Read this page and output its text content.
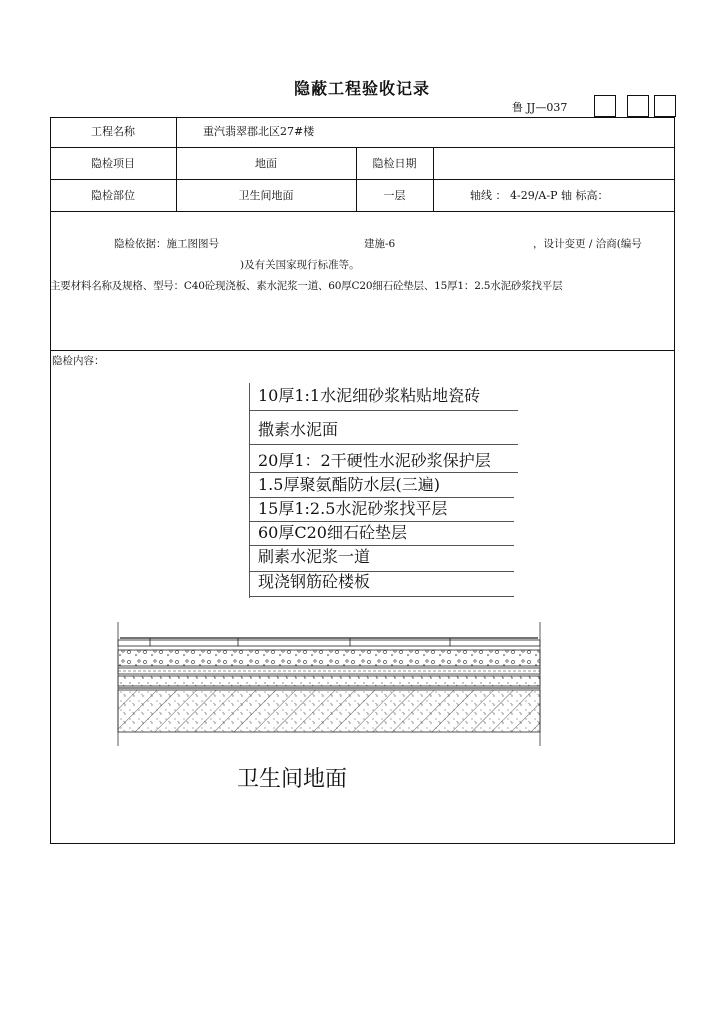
隐蔽工程验收记录
鲁 JJ—037
工程名称	重汽翡翠郡北区27#楼
隐检项目	地面	隐检日期
隐检部位	卫生间地面	一层	轴线 ： 4-29/A-P 轴 标高：
隐检依据：施工图图号	建施-6	，设计变更 / 洽商(编号
)及有关国家现行标准等。
主要材料名称及规格、型号：C40砼现浇板、素水泥浆一道、60厚C20细石砼垫层、15厚1：2.5水泥砂浆找平层
隐检内容：
10厚1:1水泥细砂浆粘贴地瓷砖
撒素水泥面
20厚1：2干硬性水泥砂浆保护层
1.5厚聚氨酯防水层(三遍)
15厚1:2.5水泥砂浆找平层
60厚C20细石砼垫层
刷素水泥浆一道
现浇钢筋砼楼板
卫生间地面
